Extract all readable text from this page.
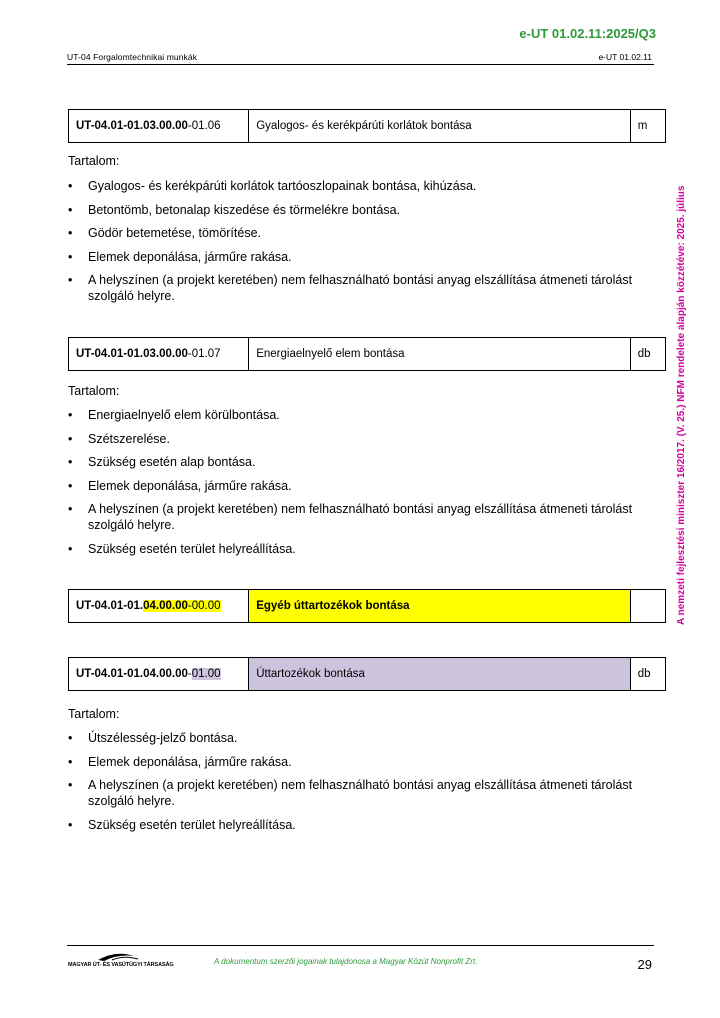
e-UT 01.02.11:2025/Q3
UT-04 Forgalomtechnikai munkák	e-UT 01.02.11
A nemzeti fejlesztési miniszter 16/2017. (V. 25.) NFM rendelete alapján közzétéve: 2025. július
UT-04.01-01.03.00.00-01.06	Gyalogos- és kerékpárúti korlátok bontása	m
Tartalom:
• Gyalogos- és kerékpárúti korlátok tartóoszlopainak bontása, kihúzása.
• Betontömb, betonalap kiszedése és törmelékre bontása.
• Gödör betemetése, tömörítése.
• Elemek deponálása, járműre rakása.
• A helyszínen (a projekt keretében) nem felhasználható bontási anyag elszállítása átmeneti tárolást szolgáló helyre.
UT-04.01-01.03.00.00-01.07	Energiaelnyelő elem bontása	db
Tartalom:
• Energiaelnyelő elem körülbontása.
• Szétszerelése.
• Szükség esetén alap bontása.
• Elemek deponálása, járműre rakása.
• A helyszínen (a projekt keretében) nem felhasználható bontási anyag elszállítása átmeneti tárolást szolgáló helyre.
• Szükség esetén terület helyreállítása.
UT-04.01-01.04.00.00-00.00	Egyéb úttartozékok bontása	
UT-04.01-01.04.00.00-01.00	Úttartozékok bontása	db
Tartalom:
• Útszélesség-jelző bontása.
• Elemek deponálása, járműre rakása.
• A helyszínen (a projekt keretében) nem felhasználható bontási anyag elszállítása átmeneti tárolást szolgáló helyre.
• Szükség esetén terület helyreállítása.
MAGYAR ÚT- ÉS VASÚTÜGYI TÁRSASÁG	A dokumentum szerzői jogainak tulajdonosa a Magyar Közút Nonprofit Zrt.	29
